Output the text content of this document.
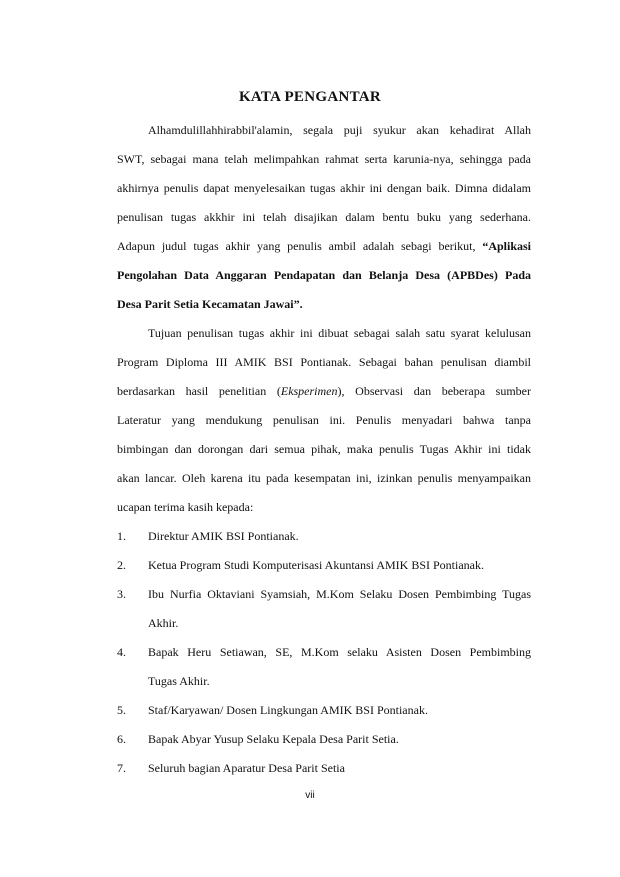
KATA PENGANTAR
Alhamdulillahhirabbil'alamin, segala puji syukur akan kehadirat Allah
SWT, sebagai mana telah melimpahkan rahmat serta karunia-nya, sehingga pada
akhirnya penulis dapat menyelesaikan tugas akhir ini dengan baik. Dimna didalam
penulisan tugas akkhir ini telah disajikan dalam bentu buku yang sederhana.
Adapun judul tugas akhir yang penulis ambil adalah sebagi berikut, “Aplikasi
Pengolahan Data Anggaran Pendapatan dan Belanja Desa (APBDes) Pada
Desa Parit Setia Kecamatan Jawai”.
Tujuan penulisan tugas akhir ini dibuat sebagai salah satu syarat kelulusan
Program Diploma III AMIK BSI Pontianak. Sebagai bahan penulisan diambil
berdasarkan hasil penelitian (Eksperimen), Observasi dan beberapa sumber
Lateratur yang mendukung penulisan ini. Penulis menyadari bahwa tanpa
bimbingan dan dorongan dari semua pihak, maka penulis Tugas Akhir ini tidak
akan lancar. Oleh karena itu pada kesempatan ini, izinkan penulis menyampaikan
ucapan terima kasih kepada:
1. Direktur AMIK BSI Pontianak.
2. Ketua Program Studi Komputerisasi Akuntansi AMIK BSI Pontianak.
3. Ibu Nurfia Oktaviani Syamsiah, M.Kom Selaku Dosen Pembimbing Tugas
Akhir.
4. Bapak Heru Setiawan, SE, M.Kom selaku Asisten Dosen Pembimbing
Tugas Akhir.
5. Staf/Karyawan/ Dosen Lingkungan AMIK BSI Pontianak.
6. Bapak Abyar Yusup Selaku Kepala Desa Parit Setia.
7. Seluruh bagian Aparatur Desa Parit Setia
vii
